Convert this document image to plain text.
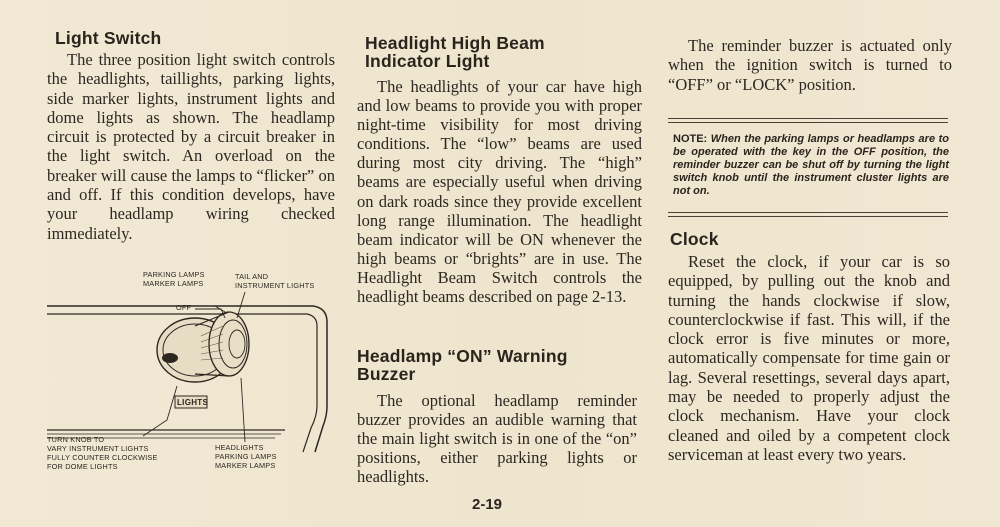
Light Switch

The three position light switch controls the headlights, taillights, parking lights, side marker lights, instrument lights and dome lights as shown. The headlamp circuit is protected by a circuit breaker in the light switch. An overload on the breaker will cause the lamps to “flicker” on and off. If this condition develops, have your headlamp wiring checked immediately.

PARKING LAMPS
MARKER LAMPS
TAIL AND
INSTRUMENT LIGHTS
OFF
LIGHTS
TURN KNOB TO
VARY INSTRUMENT LIGHTS
FULLY COUNTER CLOCKWISE
FOR DOME LIGHTS
HEADLIGHTS
PARKING LAMPS
MARKER LAMPS
Headlight High Beam
Indicator Light

The headlights of your car have high and low beams to provide you with proper night-time visibility for most driving conditions. The “low” beams are used during most city driving. The “high” beams are especially useful when driving on dark roads since they provide excellent long range illumination. The headlight beam indicator will be ON whenever the high beams or “brights” are in use. The Headlight Beam Switch controls the headlight beams described on page 2-13.

Headlamp “ON” Warning
Buzzer

The optional headlamp reminder buzzer provides an audible warning that the main light switch is in one of the “on” positions, either parking lights or headlights.

The reminder buzzer is actuated only when the ignition switch is turned to “OFF” or “LOCK” position.

NOTE: When the parking lamps or headlamps are to be operated with the key in the OFF position, the reminder buzzer can be shut off by turning the light switch knob until the instrument cluster lights are not on.
Clock

Reset the clock, if your car is so equipped, by pulling out the knob and turning the hands clockwise if slow, counterclockwise if fast. This will, if the clock error is five minutes or more, automatically compensate for time gain or lag. Several resettings, several days apart, may be needed to properly adjust the clock mechanism. Have your clock cleaned and oiled by a competent clock serviceman at least every two years.

2-19
